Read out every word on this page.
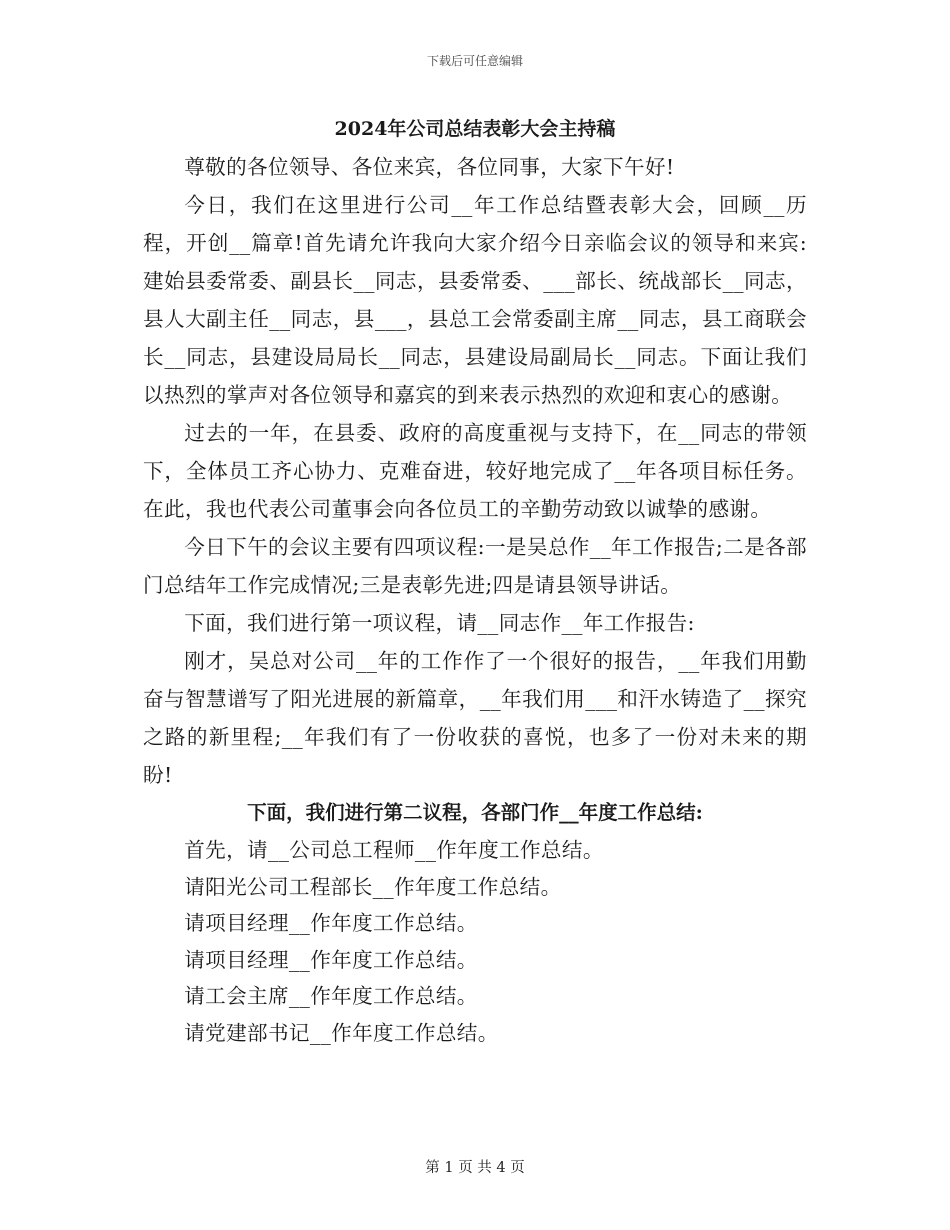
下载后可任意编辑
2024年公司总结表彰大会主持稿

尊敬的各位领导、各位来宾，各位同事，大家下午好!

今日，我们在这里进行公司__年工作总结暨表彰大会，回顾__历程，开创__篇章!首先请允许我向大家介绍今日亲临会议的领导和来宾:建始县委常委、副县长__同志，县委常委、___部长、统战部长__同志，县人大副主任__同志，县___，县总工会常委副主席__同志，县工商联会长__同志，县建设局局长__同志，县建设局副局长__同志。下面让我们以热烈的掌声对各位领导和嘉宾的到来表示热烈的欢迎和衷心的感谢。

过去的一年，在县委、政府的高度重视与支持下，在__同志的带领下，全体员工齐心协力、克难奋进，较好地完成了__年各项目标任务。在此，我也代表公司董事会向各位员工的辛勤劳动致以诚挚的感谢。

今日下午的会议主要有四项议程:一是吴总作__年工作报告;二是各部门总结年工作完成情况;三是表彰先进;四是请县领导讲话。

下面，我们进行第一项议程，请__同志作__年工作报告:

刚才，吴总对公司__年的工作作了一个很好的报告，__年我们用勤奋与智慧谱写了阳光进展的新篇章，__年我们用___和汗水铸造了__探究之路的新里程;__年我们有了一份收获的喜悦，也多了一份对未来的期盼!

下面，我们进行第二议程，各部门作__年度工作总结:

首先，请__公司总工程师__作年度工作总结。

请阳光公司工程部长__作年度工作总结。

请项目经理__作年度工作总结。

请项目经理__作年度工作总结。

请工会主席__作年度工作总结。

请党建部书记__作年度工作总结。

第 1 页 共 4 页
